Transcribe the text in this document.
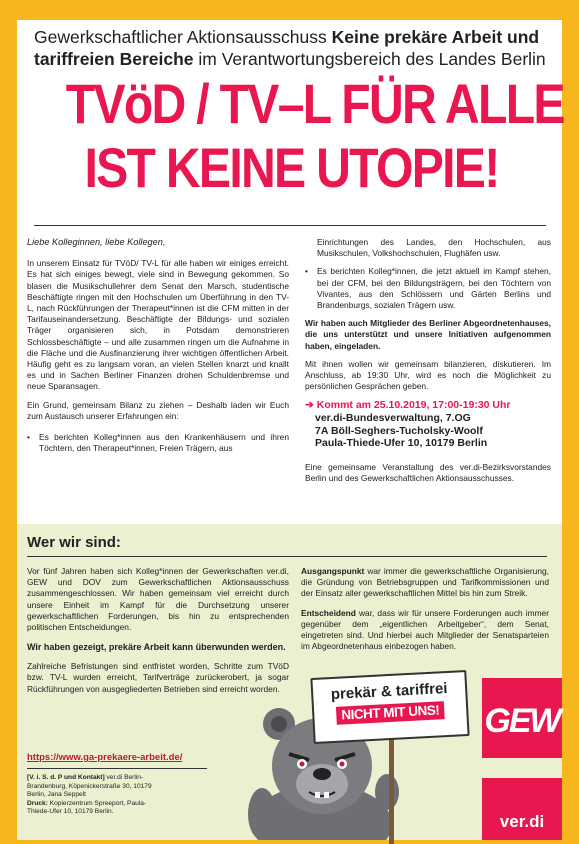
Gewerkschaftlicher Aktionsausschuss Keine prekäre Arbeit und
tariffreien Bereiche im Verantwortungsbereich des Landes Berlin
TVöD / TV–L FÜR ALLE
IST KEINE UTOPIE!

Liebe Kolleginnen, liebe Kollegen,

In unserem Einsatz für TVöD/ TV-L für alle haben wir einiges erreicht. Es hat sich einiges bewegt, viele sind in Bewegung gekommen. So blasen die Musikschullehrer dem Senat den Marsch, studentische Beschäftigte ringen mit den Hochschulen um Überführung in den TV-L, nach Rückführungen der Therapeut*innen ist die CFM mitten in der Tarifauseinandersetzung. Beschäftigte der Bildungs- und sozialen Träger organisieren sich, in Potsdam demonstrieren Schlossbeschäftigte – und alle zusammen ringen um die Aufnahme in die Fläche und die Ausfinanzierung ihrer wichtigen öffentlichen Arbeit. Häufig geht es zu langsam voran, an vielen Stellen knarzt und knallt es und in Sachen Berliner Finanzen drohen Schuldenbremse und neue Sparansagen.

Ein Grund, gemeinsam Bilanz zu ziehen – Deshalb laden wir Euch zum Austausch unserer Erfahrungen ein:

• Es berichten Kolleg*innen aus den Krankenhäusern und ihren Töchtern, den Therapeut*innen, Freien Trägern, aus

Einrichtungen des Landes, den Hochschulen, aus Musikschulen, Volkshochschulen, Flughäfen usw.

• Es berichten Kolleg*innen, die jetzt aktuell im Kampf stehen, bei der CFM, bei den Bildungsträgern, bei den Töchtern von Vivantes, aus den Schlössern und Gärten Berlins und Brandenburgs, sozialen Trägern usw.

Wir haben auch Mitglieder des Berliner Abgeordnetenhauses, die uns unterstützt und unsere Initiativen aufgenommen haben, eingeladen.

Mit ihnen wollen wir gemeinsam bilanzieren, diskutieren. Im Anschluss, ab 19:30 Uhr, wird es noch die Möglichkeit zu persönlichen Gesprächen geben.

➔ Kommt am 25.10.2019, 17:00-19:30 Uhr
ver.di-Bundesverwaltung, 7.OG
7A Böll-Seghers-Tucholsky-Woolf
Paula-Thiede-Ufer 10, 10179 Berlin

Eine gemeinsame Veranstaltung des ver.di-Bezirksvorstandes Berlin und des Gewerkschaftlichen Aktionsausschusses.

Wer wir sind:

Vor fünf Jahren haben sich Kolleg*innen der Gewerkschaften ver.di, GEW und DOV zum Gewerkschaftlichen Aktionsausschuss zusammengeschlossen. Wir haben gemeinsam viel erreicht durch unsere Einheit im Kampf für die Durchsetzung unserer gewerkschaftlichen Forderungen, bis hin zu entsprechenden politischen Entscheidungen.

Wir haben gezeigt, prekäre Arbeit kann überwunden werden.

Zahlreiche Befristungen sind entfristet worden, Schritte zum TVöD bzw. TV-L wurden erreicht, Tarifverträge zurückerobert, ja sogar Rückführungen von ausgegliederten Betrieben sind erreicht worden.

Ausgangspunkt war immer die gewerkschaftliche Organisierung, die Gründung von Betriebsgruppen und Tarifkommissionen und der Einsatz aller gewerkschaftlichen Mittel bis hin zum Streik.

Entscheidend war, dass wir für unsere Forderungen auch immer gegenüber dem „eigentlichen Arbeitgeber“, dem Senat, eingetreten sind. Und hierbei auch Mitglieder der Senatsparteien im Abgeordnetenhaus einbezogen haben.

https://www.ga-prekaere-arbeit.de/
[V. i. S. d. P und Kontakt] ver.di Berlin-Brandenburg, Köpenickerstraße 30, 10179 Berlin, Jana Seppelt
Druck: Kopierzentrum Spreeport, Paula-Thiede-Ufer 10, 10179 Berlin.
prekär & tariffrei
NICHT MIT UNS!	GEW
ver.di
